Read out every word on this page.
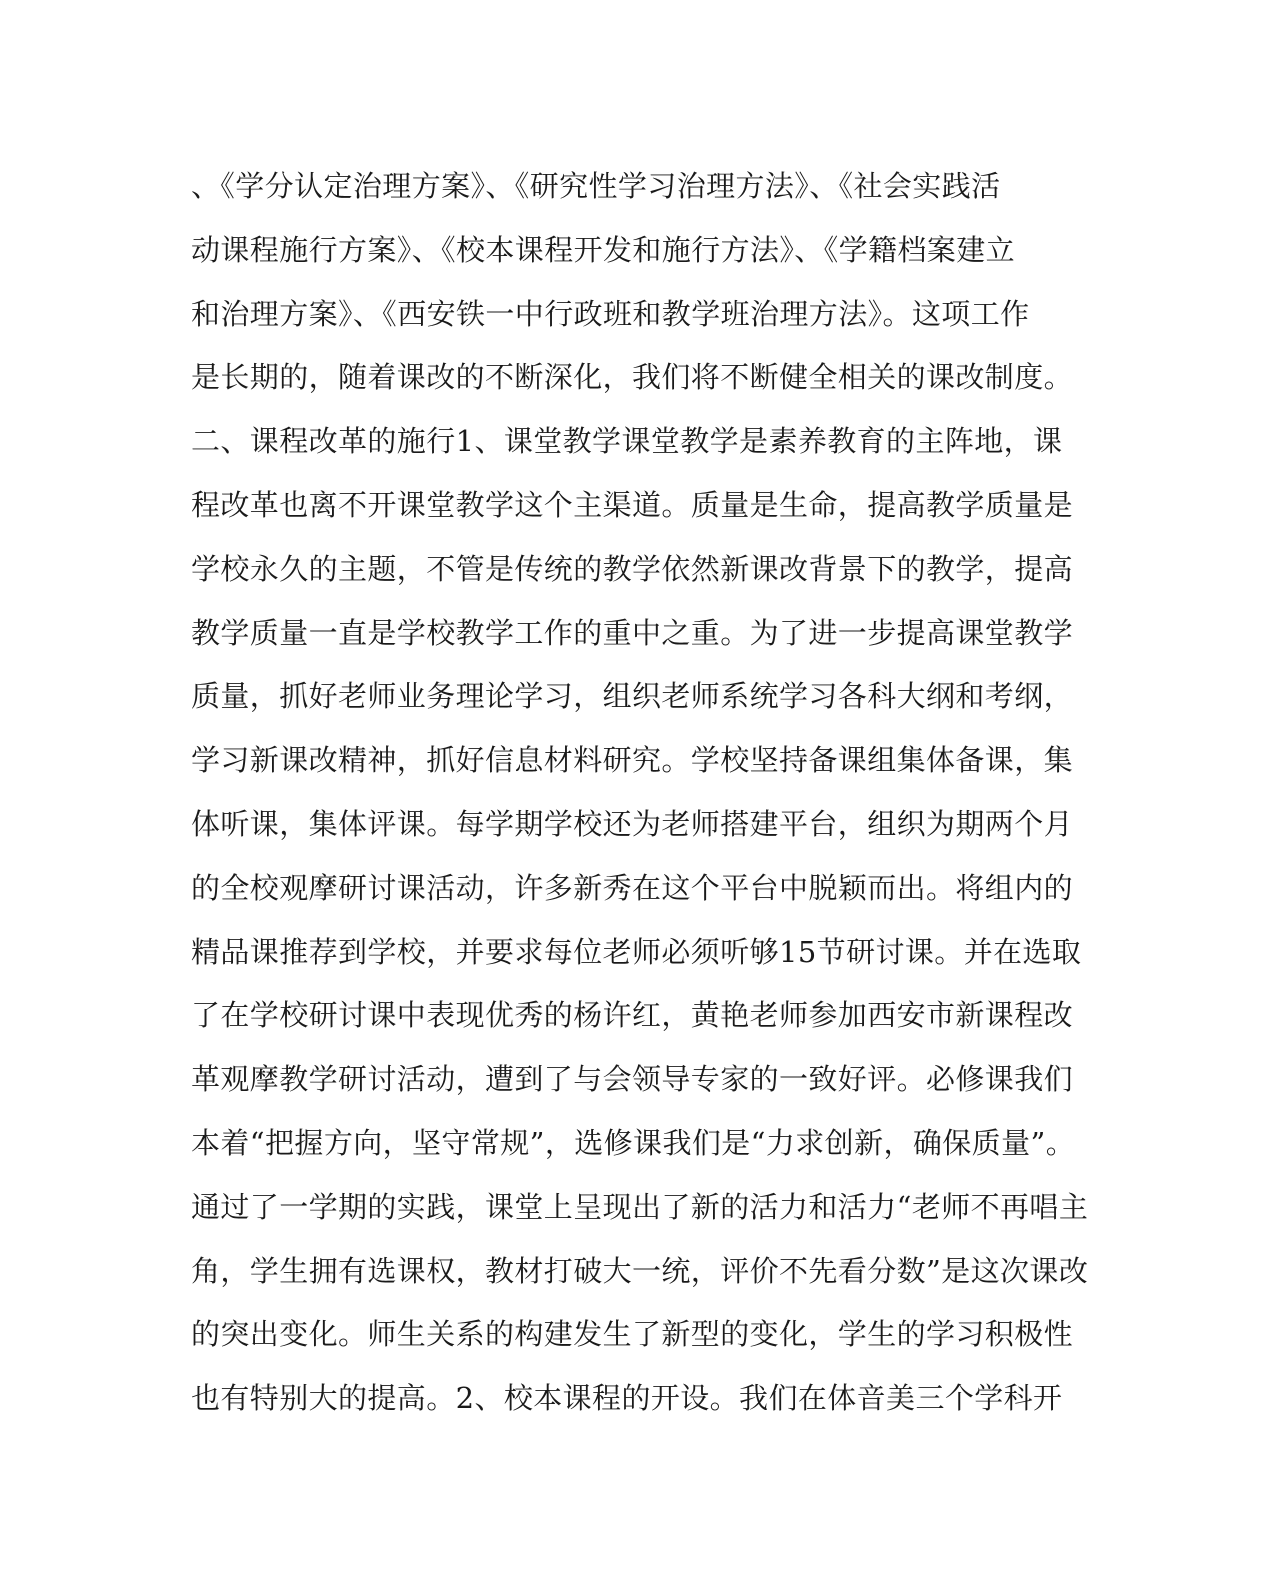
、《学分认定治理方案》、《研究性学习治理方法》、《社会实践活
动课程施行方案》、《校本课程开发和施行方法》、《学籍档案建立
和治理方案》、《西安铁一中行政班和教学班治理方法》。这项工作
是长期的，随着课改的不断深化，我们将不断健全相关的课改制度。
二、课程改革的施行1、课堂教学课堂教学是素养教育的主阵地，课
程改革也离不开课堂教学这个主渠道。质量是生命，提高教学质量是
学校永久的主题，不管是传统的教学依然新课改背景下的教学，提高
教学质量一直是学校教学工作的重中之重。为了进一步提高课堂教学
质量，抓好老师业务理论学习，组织老师系统学习各科大纲和考纲，
学习新课改精神，抓好信息材料研究。学校坚持备课组集体备课，集
体听课，集体评课。每学期学校还为老师搭建平台，组织为期两个月
的全校观摩研讨课活动，许多新秀在这个平台中脱颖而出。将组内的
精品课推荐到学校，并要求每位老师必须听够15节研讨课。并在选取
了在学校研讨课中表现优秀的杨许红，黄艳老师参加西安市新课程改
革观摩教学研讨活动，遭到了与会领导专家的一致好评。必修课我们
本着“把握方向，坚守常规”，选修课我们是“力求创新，确保质量”。
通过了一学期的实践，课堂上呈现出了新的活力和活力“老师不再唱主
角，学生拥有选课权，教材打破大一统，评价不先看分数”是这次课改
的突出变化。师生关系的构建发生了新型的变化，学生的学习积极性
也有特别大的提高。2、校本课程的开设。我们在体音美三个学科开
